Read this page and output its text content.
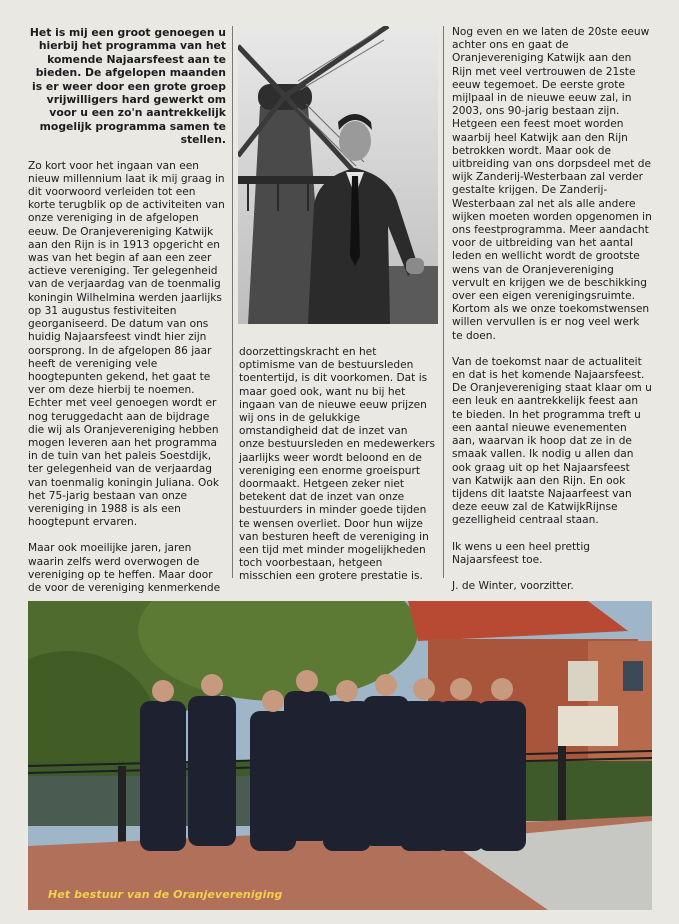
Het is mij een groot genoegen u hierbij het programma van het komende Najaarsfeest aan te bieden. De afgelopen maanden is er weer door een grote groep vrijwilligers hard gewerkt om voor u een zo'n aantrekkelijk mogelijk programma samen te stellen.

Zo kort voor het ingaan van een nieuw millennium laat ik mij graag in dit voorwoord verleiden tot een korte terugblik op de activiteiten van onze vereniging in de afgelopen eeuw. De Oranjevereniging Katwijk aan den Rijn is in 1913 opgericht en was van het begin af aan een zeer actieve vereniging. Ter gelegenheid van de verjaardag van de toenmalig koningin Wilhelmina werden jaarlijks op 31 augustus festiviteiten georganiseerd. De datum van ons huidig Najaarsfeest vindt hier zijn oorsprong. In de afgelopen 86 jaar heeft de vereniging vele hoogtepunten gekend, het gaat te ver om deze hierbij te noemen. Echter met veel genoegen wordt er nog teruggedacht aan de bijdrage die wij als Oranjevereniging hebben mogen leveren aan het programma in de tuin van het paleis Soestdijk, ter gelegenheid van de verjaardag van toenmalig koningin Juliana. Ook het 75-jarig bestaan van onze vereniging in 1988 is als een hoogtepunt ervaren.

Maar ook moeilijke jaren, jaren waarin zelfs werd overwogen de vereniging op te heffen. Maar door de voor de vereniging kenmerkende

doorzettingskracht en het optimisme van de bestuursleden toentertijd, is dit voorkomen. Dat is maar goed ook, want nu bij het ingaan van de nieuwe eeuw prijzen wij ons in de gelukkige omstandigheid dat de inzet van onze bestuursleden en medewerkers jaarlijks weer wordt beloond en de vereniging een enorme groeispurt doormaakt. Hetgeen zeker niet betekent dat de inzet van onze bestuurders in minder goede tijden te wensen overliet. Door hun wijze van besturen heeft de vereniging in een tijd met minder mogelijkheden toch voorbestaan, hetgeen misschien een grotere prestatie is.

Nog even en we laten de 20ste eeuw achter ons en gaat de Oranjevereniging Katwijk aan den Rijn met veel vertrouwen de 21ste eeuw tegemoet. De eerste grote mijlpaal in de nieuwe eeuw zal, in 2003, ons 90-jarig bestaan zijn. Hetgeen een feest moet worden waarbij heel Katwijk aan den Rijn betrokken wordt. Maar ook de uitbreiding van ons dorpsdeel met de wijk Zanderij-Westerbaan zal verder gestalte krijgen. De Zanderij-Westerbaan zal net als alle andere wijken moeten worden opgenomen in ons feestprogramma. Meer aandacht voor de uitbreiding van het aantal leden en wellicht wordt de grootste wens van de Oranjevereniging vervult en krijgen we de beschikking over een eigen verenigingsruimte. Kortom als we onze toekomstwensen willen vervullen is er nog veel werk te doen.

Van de toekomst naar de actualiteit en dat is het komende Najaarsfeest. De Oranjevereniging staat klaar om u een leuk en aantrekkelijk feest aan te bieden. In het programma treft u een aantal nieuwe evenementen aan, waarvan ik hoop dat ze in de smaak vallen. Ik nodig u allen dan ook graag uit op het Najaarsfeest van Katwijk aan den Rijn. En ook tijdens dit laatste Najaarfeest van deze eeuw zal de KatwijkRijnse gezelligheid centraal staan.

Ik wens u een heel prettig Najaarsfeest toe.

J. de Winter, voorzitter.

Het bestuur van de Oranjevereniging
